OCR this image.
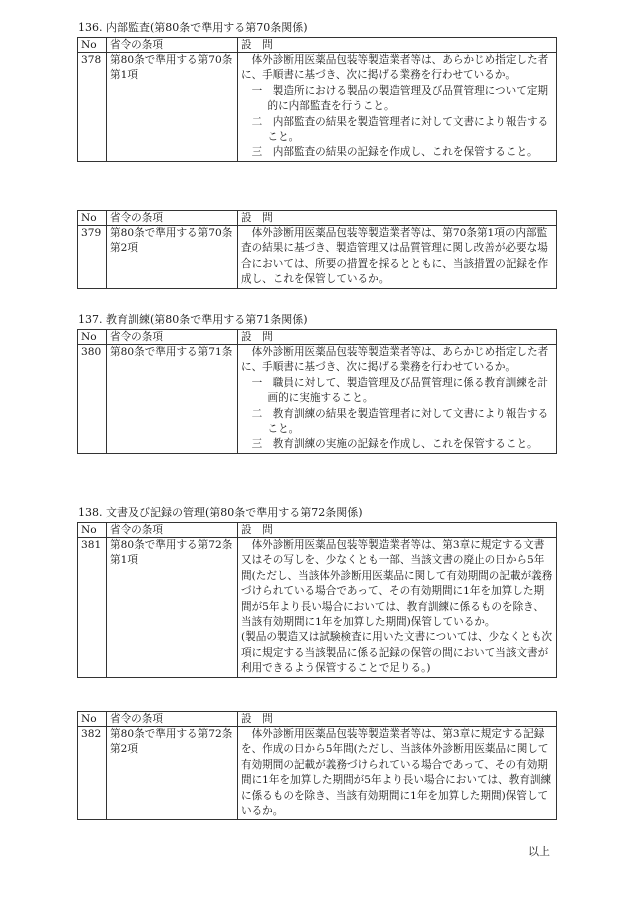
136. 内部監査(第80条で準用する第70条関係)
No	省令の条項	設　問
378	第80条で準用する第70条第1項	体外診断用医薬品包装等製造業者等は、あらかじめ指定した者に、手順書に基づき、次に掲げる業務を行わせているか。

一　製造所における製品の製造管理及び品質管理について定期的に内部監査を行うこと。

二　内部監査の結果を製造管理者に対して文書により報告すること。

三　内部監査の結果の記録を作成し、これを保管すること。

No	省令の条項	設　問
379	第80条で準用する第70条第2項	体外診断用医薬品包装等製造業者等は、第70条第1項の内部監査の結果に基づき、製造管理又は品質管理に関し改善が必要な場合においては、所要の措置を採るとともに、当該措置の記録を作成し、これを保管しているか。

137. 教育訓練(第80条で準用する第71条関係)
No	省令の条項	設　問
380	第80条で準用する第71条	体外診断用医薬品包装等製造業者等は、あらかじめ指定した者に、手順書に基づき、次に掲げる業務を行わせているか。

一　職員に対して、製造管理及び品質管理に係る教育訓練を計画的に実施すること。

二　教育訓練の結果を製造管理者に対して文書により報告すること。

三　教育訓練の実施の記録を作成し、これを保管すること。

138. 文書及び記録の管理(第80条で準用する第72条関係)
No	省令の条項	設　問
381	第80条で準用する第72条第1項	体外診断用医薬品包装等製造業者等は、第3章に規定する文書又はその写しを、少なくとも一部、当該文書の廃止の日から5年間(ただし、当該体外診断用医薬品に関して有効期間の記載が義務づけられている場合であって、その有効期間に1年を加算した期間が5年より長い場合においては、教育訓練に係るものを除き、当該有効期間に1年を加算した期間)保管しているか。

(製品の製造又は試験検査に用いた文書については、少なくとも次項に規定する当該製品に係る記録の保管の間において当該文書が利用できるよう保管することで足りる。)

No	省令の条項	設　問
382	第80条で準用する第72条第2項	体外診断用医薬品包装等製造業者等は、第3章に規定する記録を、作成の日から5年間(ただし、当該体外診断用医薬品に関して有効期間の記載が義務づけられている場合であって、その有効期間に1年を加算した期間が5年より長い場合においては、教育訓練に係るものを除き、当該有効期間に1年を加算した期間)保管しているか。

以上
